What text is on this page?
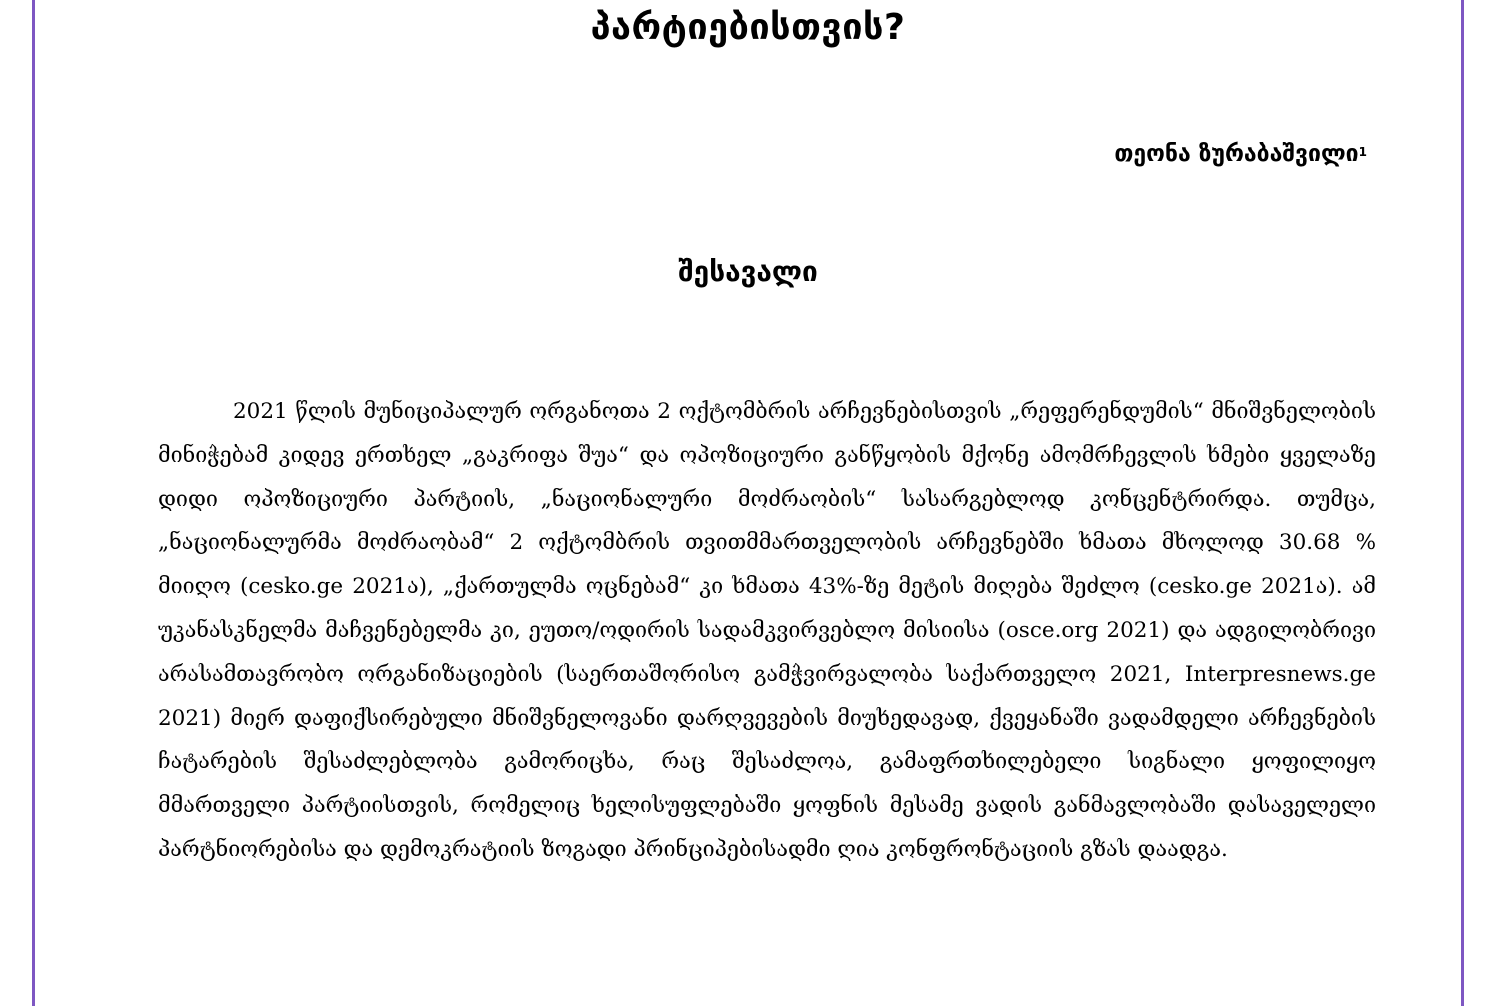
პარტიებისთვის?
თეონა ზურაბაშვილი$^1$
შესავალი

2021 წლის მუნიციპალურ ორგანოთა 2 ოქტომბრის არჩევნებისთვის „რეფერენდუმის“ მნიშვნელობის მინიჭებამ კიდევ ერთხელ „გაკრიფა შუა“ და ოპოზიციური განწყობის მქონე ამომრჩევლის ხმები ყველაზე დიდი ოპოზიციური პარტიის, „ნაციონალური მოძრაობის“ სასარგებლოდ კონცენტრირდა. თუმცა, „ნაციონალურმა მოძრაობამ“ 2 ოქტომბრის თვითმმართველობის არჩევნებში ხმათა მხოლოდ 30.68 % მიიღო (cesko.ge 2021ა), „ქართულმა ოცნებამ“ კი ხმათა 43%-ზე მეტის მიღება შეძლო (cesko.ge 2021ა). ამ უკანასკნელმა მაჩვენებელმა კი, ეუთო/ოდირის სადამკვირვებლო მისიისა (osce.org 2021) და ადგილობრივი არასამთავრობო ორგანიზაციების (საერთაშორისო გამჭვირვალობა საქართველო 2021, Interpresnews.ge 2021) მიერ დაფიქსირებული მნიშვნელოვანი დარღვევების მიუხედავად, ქვეყანაში ვადამდელი არჩევნების ჩატარების შესაძლებლობა გამორიცხა, რაც შესაძლოა, გამაფრთხილებელი სიგნალი ყოფილიყო მმართველი პარტიისთვის, რომელიც ხელისუფლებაში ყოფნის მესამე ვადის განმავლობაში დასაველელი პარტნიორებისა და დემოკრატიის ზოგადი პრინციპებისადმი ღია კონფრონტაციის გზას დაადგა.
